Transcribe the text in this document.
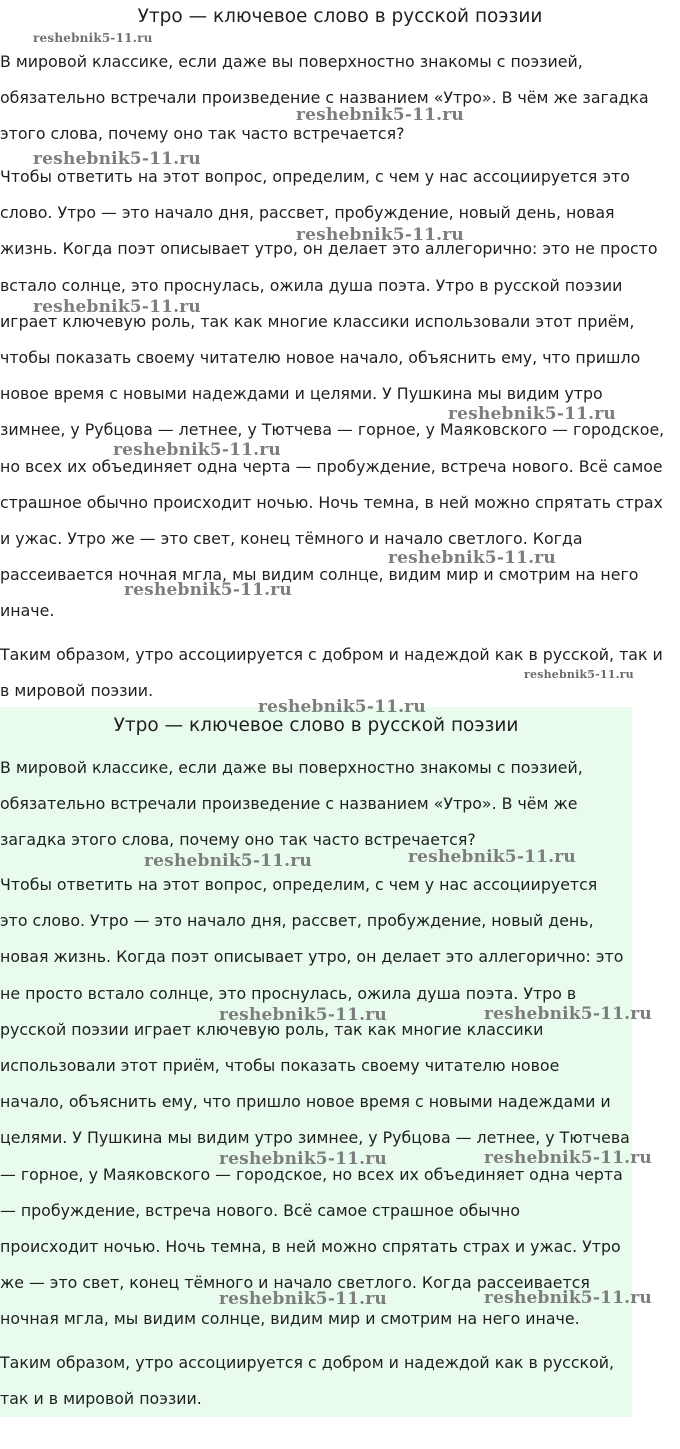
Утро — ключевое слово в русской поэзии

В мировой классике, если даже вы поверхностно знакомы с поэзией,
обязательно встречали произведение с названием «Утро». В чём же загадка
этого слова, почему оно так часто встречается?

Чтобы ответить на этот вопрос, определим, с чем у нас ассоциируется это
слово. Утро — это начало дня, рассвет, пробуждение, новый день, новая
жизнь. Когда поэт описывает утро, он делает это аллегорично: это не просто
встало солнце, это проснулась, ожила душа поэта. Утро в русской поэзии
играет ключевую роль, так как многие классики использовали этот приём,
чтобы показать своему читателю новое начало, объяснить ему, что пришло
новое время с новыми надеждами и целями. У Пушкина мы видим утро
зимнее, у Рубцова — летнее, у Тютчева — горное, у Маяковского — городское,
но всех их объединяет одна черта — пробуждение, встреча нового. Всё самое
страшное обычно происходит ночью. Ночь темна, в ней можно спрятать страх
и ужас. Утро же — это свет, конец тёмного и начало светлого. Когда
рассеивается ночная мгла, мы видим солнце, видим мир и смотрим на него
иначе.

Таким образом, утро ассоциируется с добром и надеждой как в русской, так и
в мировой поэзии.

reshebnik5-11.ru
reshebnik5-11.ru
reshebnik5-11.ru
reshebnik5-11.ru
reshebnik5-11.ru
reshebnik5-11.ru
reshebnik5-11.ru
reshebnik5-11.ru
reshebnik5-11.ru
reshebnik5-11.ru
Утро — ключевое слово в русской поэзии

В мировой классике, если даже вы поверхностно знакомы с поэзией,
обязательно встречали произведение с названием «Утро». В чём же
загадка этого слова, почему оно так часто встречается?

Чтобы ответить на этот вопрос, определим, с чем у нас ассоциируется
это слово. Утро — это начало дня, рассвет, пробуждение, новый день,
новая жизнь. Когда поэт описывает утро, он делает это аллегорично: это
не просто встало солнце, это проснулась, ожила душа поэта. Утро в
русской поэзии играет ключевую роль, так как многие классики
использовали этот приём, чтобы показать своему читателю новое
начало, объяснить ему, что пришло новое время с новыми надеждами и
целями. У Пушкина мы видим утро зимнее, у Рубцова — летнее, у Тютчева
— горное, у Маяковского — городское, но всех их объединяет одна черта
— пробуждение, встреча нового. Всё самое страшное обычно
происходит ночью. Ночь темна, в ней можно спрятать страх и ужас. Утро
же — это свет, конец тёмного и начало светлого. Когда рассеивается
ночная мгла, мы видим солнце, видим мир и смотрим на него иначе.

Таким образом, утро ассоциируется с добром и надеждой как в русской,
так и в мировой поэзии.

reshebnik5-11.ru
reshebnik5-11.ru	reshebnik5-11.ru
reshebnik5-11.ru	reshebnik5-11.ru
reshebnik5-11.ru	reshebnik5-11.ru
reshebnik5-11.ru	reshebnik5-11.ru
